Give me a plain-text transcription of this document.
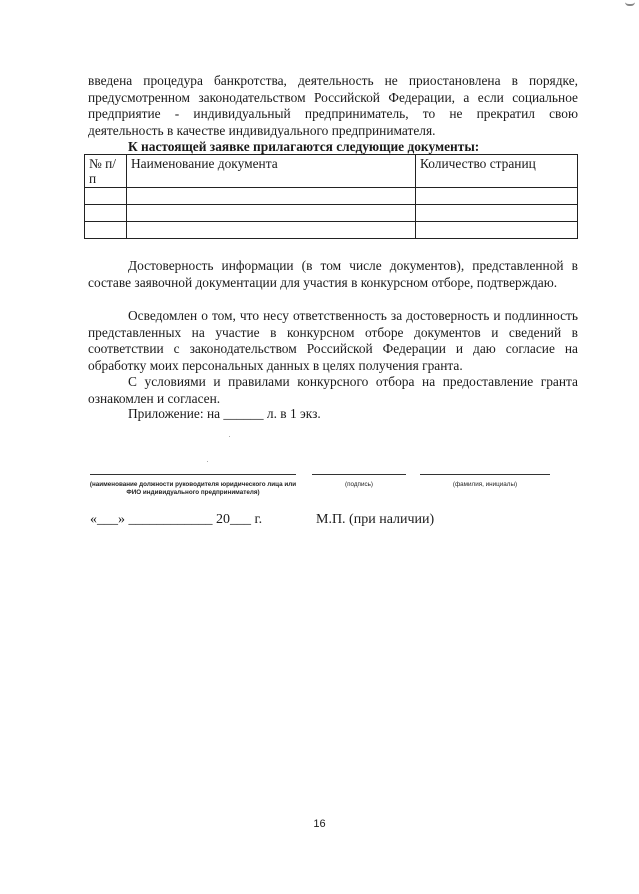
введена процедура банкротства, деятельность не приостановлена в порядке, предусмотренном законодательством Российской Федерации, а если социальное предприятие - индивидуальный предприниматель, то не прекратил свою деятельность в качестве индивидуального предпринимателя.

К настоящей заявке прилагаются следующие документы:

№ п/п	Наименование документа	Количество страниц

Достоверность информации (в том числе документов), представленной в составе заявочной документации для участия в конкурсном отборе, подтверждаю.

Осведомлен о том, что несу ответственность за достоверность и подлинность представленных на участие в конкурсном отборе документов и сведений в соответствии с законодательством Российской Федерации и даю согласие на обработку моих персональных данных в целях получения гранта.

С условиями и правилами конкурсного отбора на предоставление гранта ознакомлен и согласен.

Приложение: на ______ л. в 1 экз.

(наименование должности руководителя юридического лица или ФИО индивидуального предпринимателя)
(подпись)	(фамилия, инициалы)
«___» ____________ 20___ г.	М.П. (при наличии)
16
